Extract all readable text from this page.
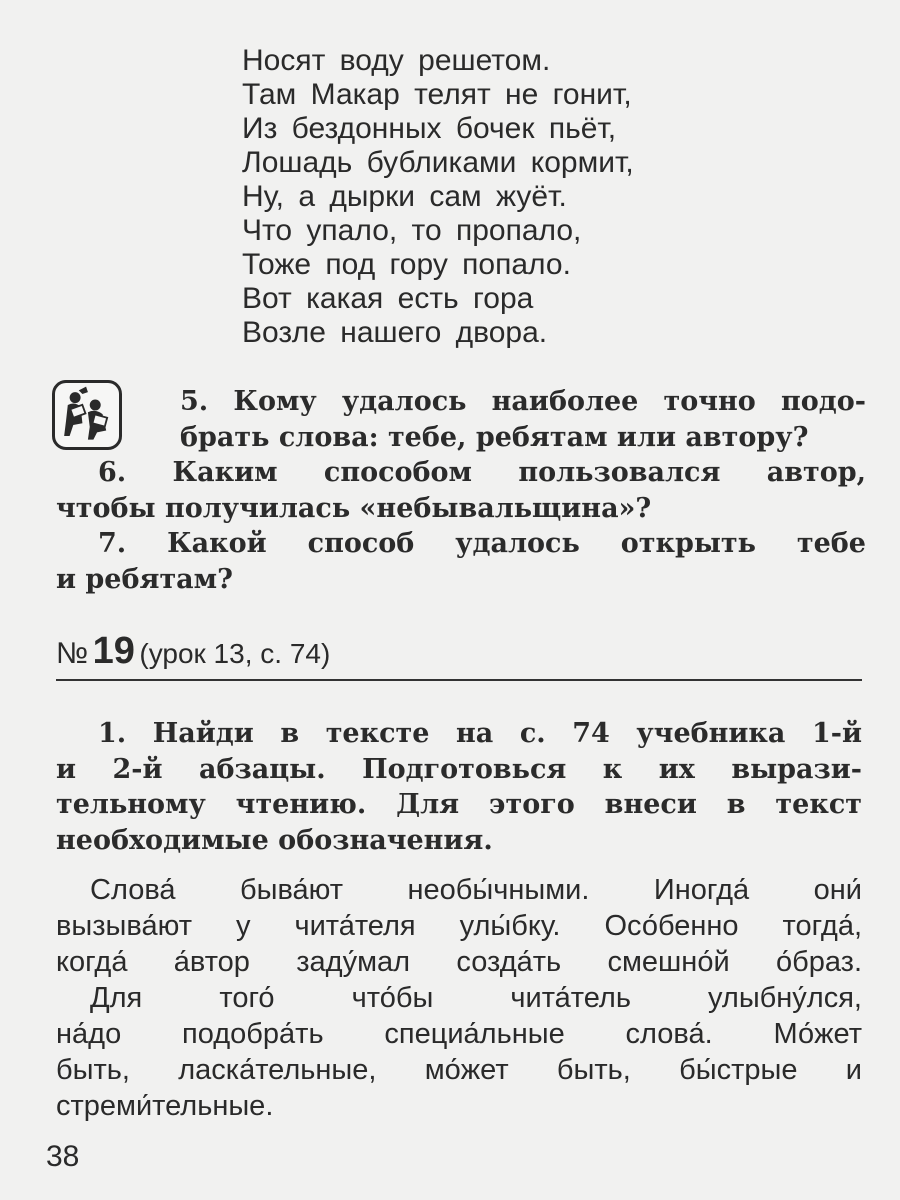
Носят воду решетом.
Там Макар телят не гонит,
Из бездонных бочек пьёт,
Лошадь бубликами кормит,
Ну, а дырки сам жуёт.
Что упало, то пропало,
Тоже под гору попало.
Вот какая есть гора
Возле нашего двора.
5. Кому удалось наиболее точно подо-
брать слова: тебе, ребятам или автору?
6. Каким способом пользовался автор,
чтобы получилась «небывальщина»?
7. Какой способ удалось открыть тебе
и ребятам?
№ 19 (урок 13, с. 74)
1. Найди в тексте на с. 74 учебника 1-й
и 2-й абзацы. Подготовься к их вырази-
тельному чтению. Для этого внеси в текст
необходимые обозначения.
Слова́ быва́ют необы́чными. Иногда́ они́
вызыва́ют у чита́теля улы́бку. Осо́бенно тогда́,
когда́ а́втор заду́мал созда́ть смешно́й о́браз.
Для того́ что́бы чита́тель улыбну́лся,
на́до подобра́ть специа́льные слова́. Мо́жет
быть, ласка́тельные, мо́жет быть, бы́стрые и
стреми́тельные.
38
